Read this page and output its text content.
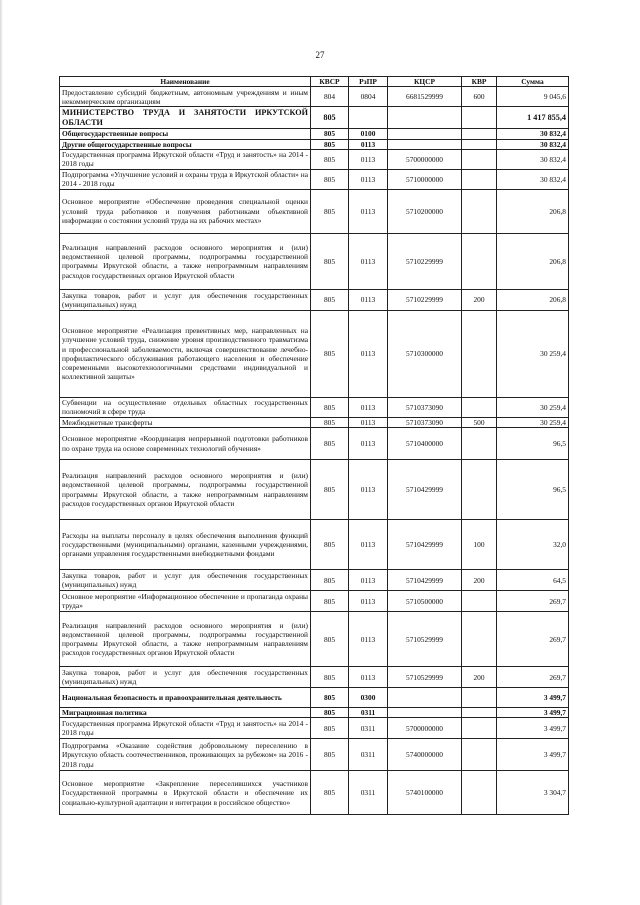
27
Наименование	КВСР	РзПР	КЦСР	КВР	Сумма
Предоставление субсидий бюджетным, автономным учреждениям и иным некоммерческим организациям	804	0804	6681529999	600	9 045,6
МИНИСТЕРСТВО ТРУДА И ЗАНЯТОСТИ ИРКУТСКОЙ ОБЛАСТИ	805				1 417 855,4
Общегосударственные вопросы	805	0100			30 832,4
Другие общегосударственные вопросы	805	0113			30 832,4
Государственная программа Иркутской области «Труд и занятость» на 2014 - 2018 годы	805	0113	5700000000		30 832,4
Подпрограмма «Улучшение условий и охраны труда в Иркутской области» на 2014 - 2018 годы	805	0113	5710000000		30 832,4
Основное мероприятие «Обеспечение проведения специальной оценки условий труда работников и повучения работниками объективной информации о состоянии условий труда на их рабочих местах»	805	0113	5710200000		206,8
Реализация направлений расходов основного мероприятия и (или) ведомственной целевой программы, подпрограммы государственной программы Иркутской области, а также непрограммным направлениям расходов государственных органов Иркутской области	805	0113	5710229999		206,8
Закупка товаров, работ и услуг для обеспечения государственных (муниципальных) нужд	805	0113	5710229999	200	206,8
Основное мероприятие «Реализация превентивных мер, направленных на улучшение условий труда, снижение уровня производственного травматизма и профессиональной заболеваемости, включая совершенствование лечебно-профилактического обслуживания работающего населения и обеспечение современными высокотехнологичными средствами индивидуальной и коллективной защиты»	805	0113	5710300000		30 259,4
Субвенции на осуществление отдельных областных государственных полномочий в сфере труда	805	0113	5710373090		30 259,4
Межбюджетные трансферты	805	0113	5710373090	500	30 259,4
Основное мероприятие «Координация непрерывной подготовки работников по охране труда на основе современных технологий обучения»	805	0113	5710400000		96,5
Реализация направлений расходов основного мероприятия и (или) ведомственной целевой программы, подпрограммы государственной программы Иркутской области, а также непрограммным направлениям расходов государственных органов Иркутской области	805	0113	5710429999		96,5
Расходы на выплаты персоналу в целях обеспечения выполнения функций государственными (муниципальными) органами, казенными учреждениями, органами управления государственными внебюджетными фондами	805	0113	5710429999	100	32,0
Закупка товаров, работ и услуг для обеспечения государственных (муниципальных) нужд	805	0113	5710429999	200	64,5
Основное мероприятие «Информационное обеспечение и пропаганда охраны труда»	805	0113	5710500000		269,7
Реализация направлений расходов основного мероприятия и (или) ведомственной целевой программы, подпрограммы государственной программы Иркутской области, а также непрограммным направлениям расходов государственных органов Иркутской области	805	0113	5710529999		269,7
Закупка товаров, работ и услуг для обеспечения государственных (муниципальных) нужд	805	0113	5710529999	200	269,7
Национальная безопасность и правоохранительная деятельность	805	0300			3 499,7
Миграционная политика	805	0311			3 499,7
Государственная программа Иркутской области «Труд и занятость» на 2014 - 2018 годы	805	0311	5700000000		3 499,7
Подпрограмма «Оказание содействия добровольному переселению в Иркутскую область соотечественников, проживающих за рубежом» на 2016 - 2018 годы	805	0311	5740000000		3 499,7
Основное мероприятие «Закрепление переселившихся участников Государственной программы в Иркутской области и обеспечение их социально-культурной адаптации и интеграции в российское общество»	805	0311	5740100000		3 304,7
